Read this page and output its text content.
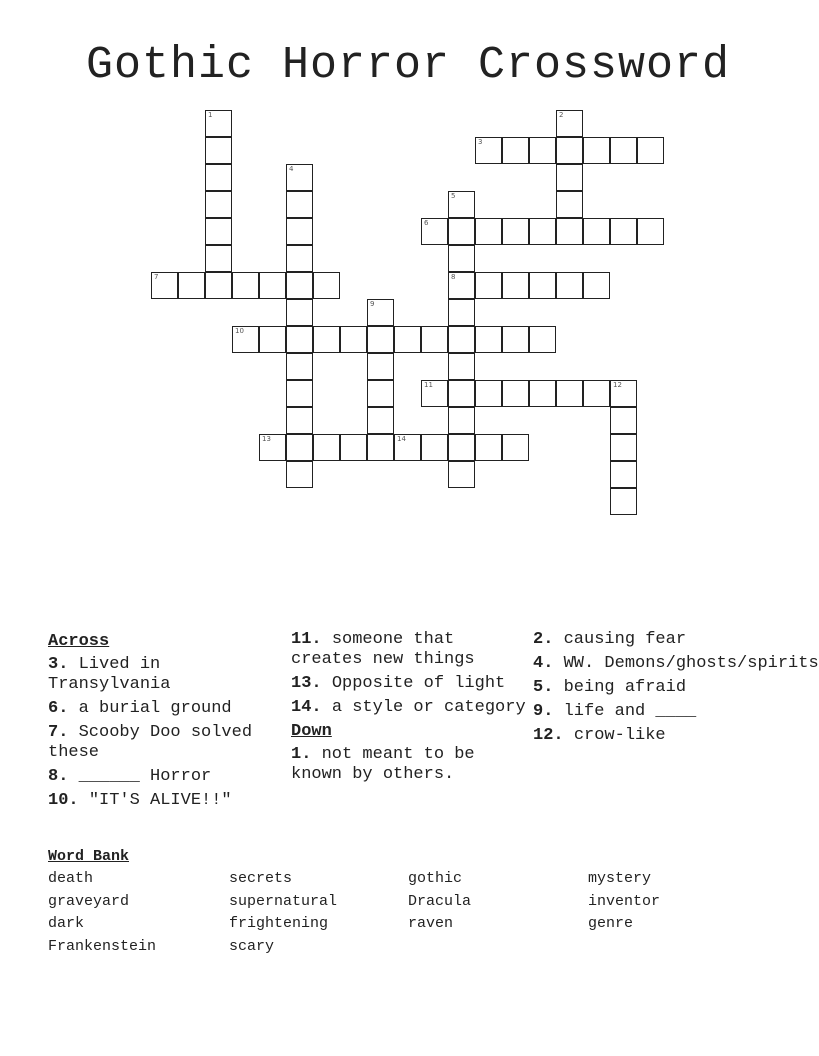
Gothic Horror Crossword
1	2
3
4
5
8
6
7
9
10
11	12
13	14
Across
3. Lived in Transylvania
6. a burial ground
7. Scooby Doo solved these
8. ______ Horror
10. "IT'S ALIVE!!"
11. someone that creates new things
13. Opposite of light
14. a style or category
Down
1. not meant to be known by others.
2. causing fear
4. WW. Demons/ghosts/spirits
5. being afraid
9. life and ____
12. crow-like
Word Bank
death	secrets	gothic	mystery
graveyard	supernatural	Dracula	inventor
dark	frightening	raven	genre
Frankenstein	scary
